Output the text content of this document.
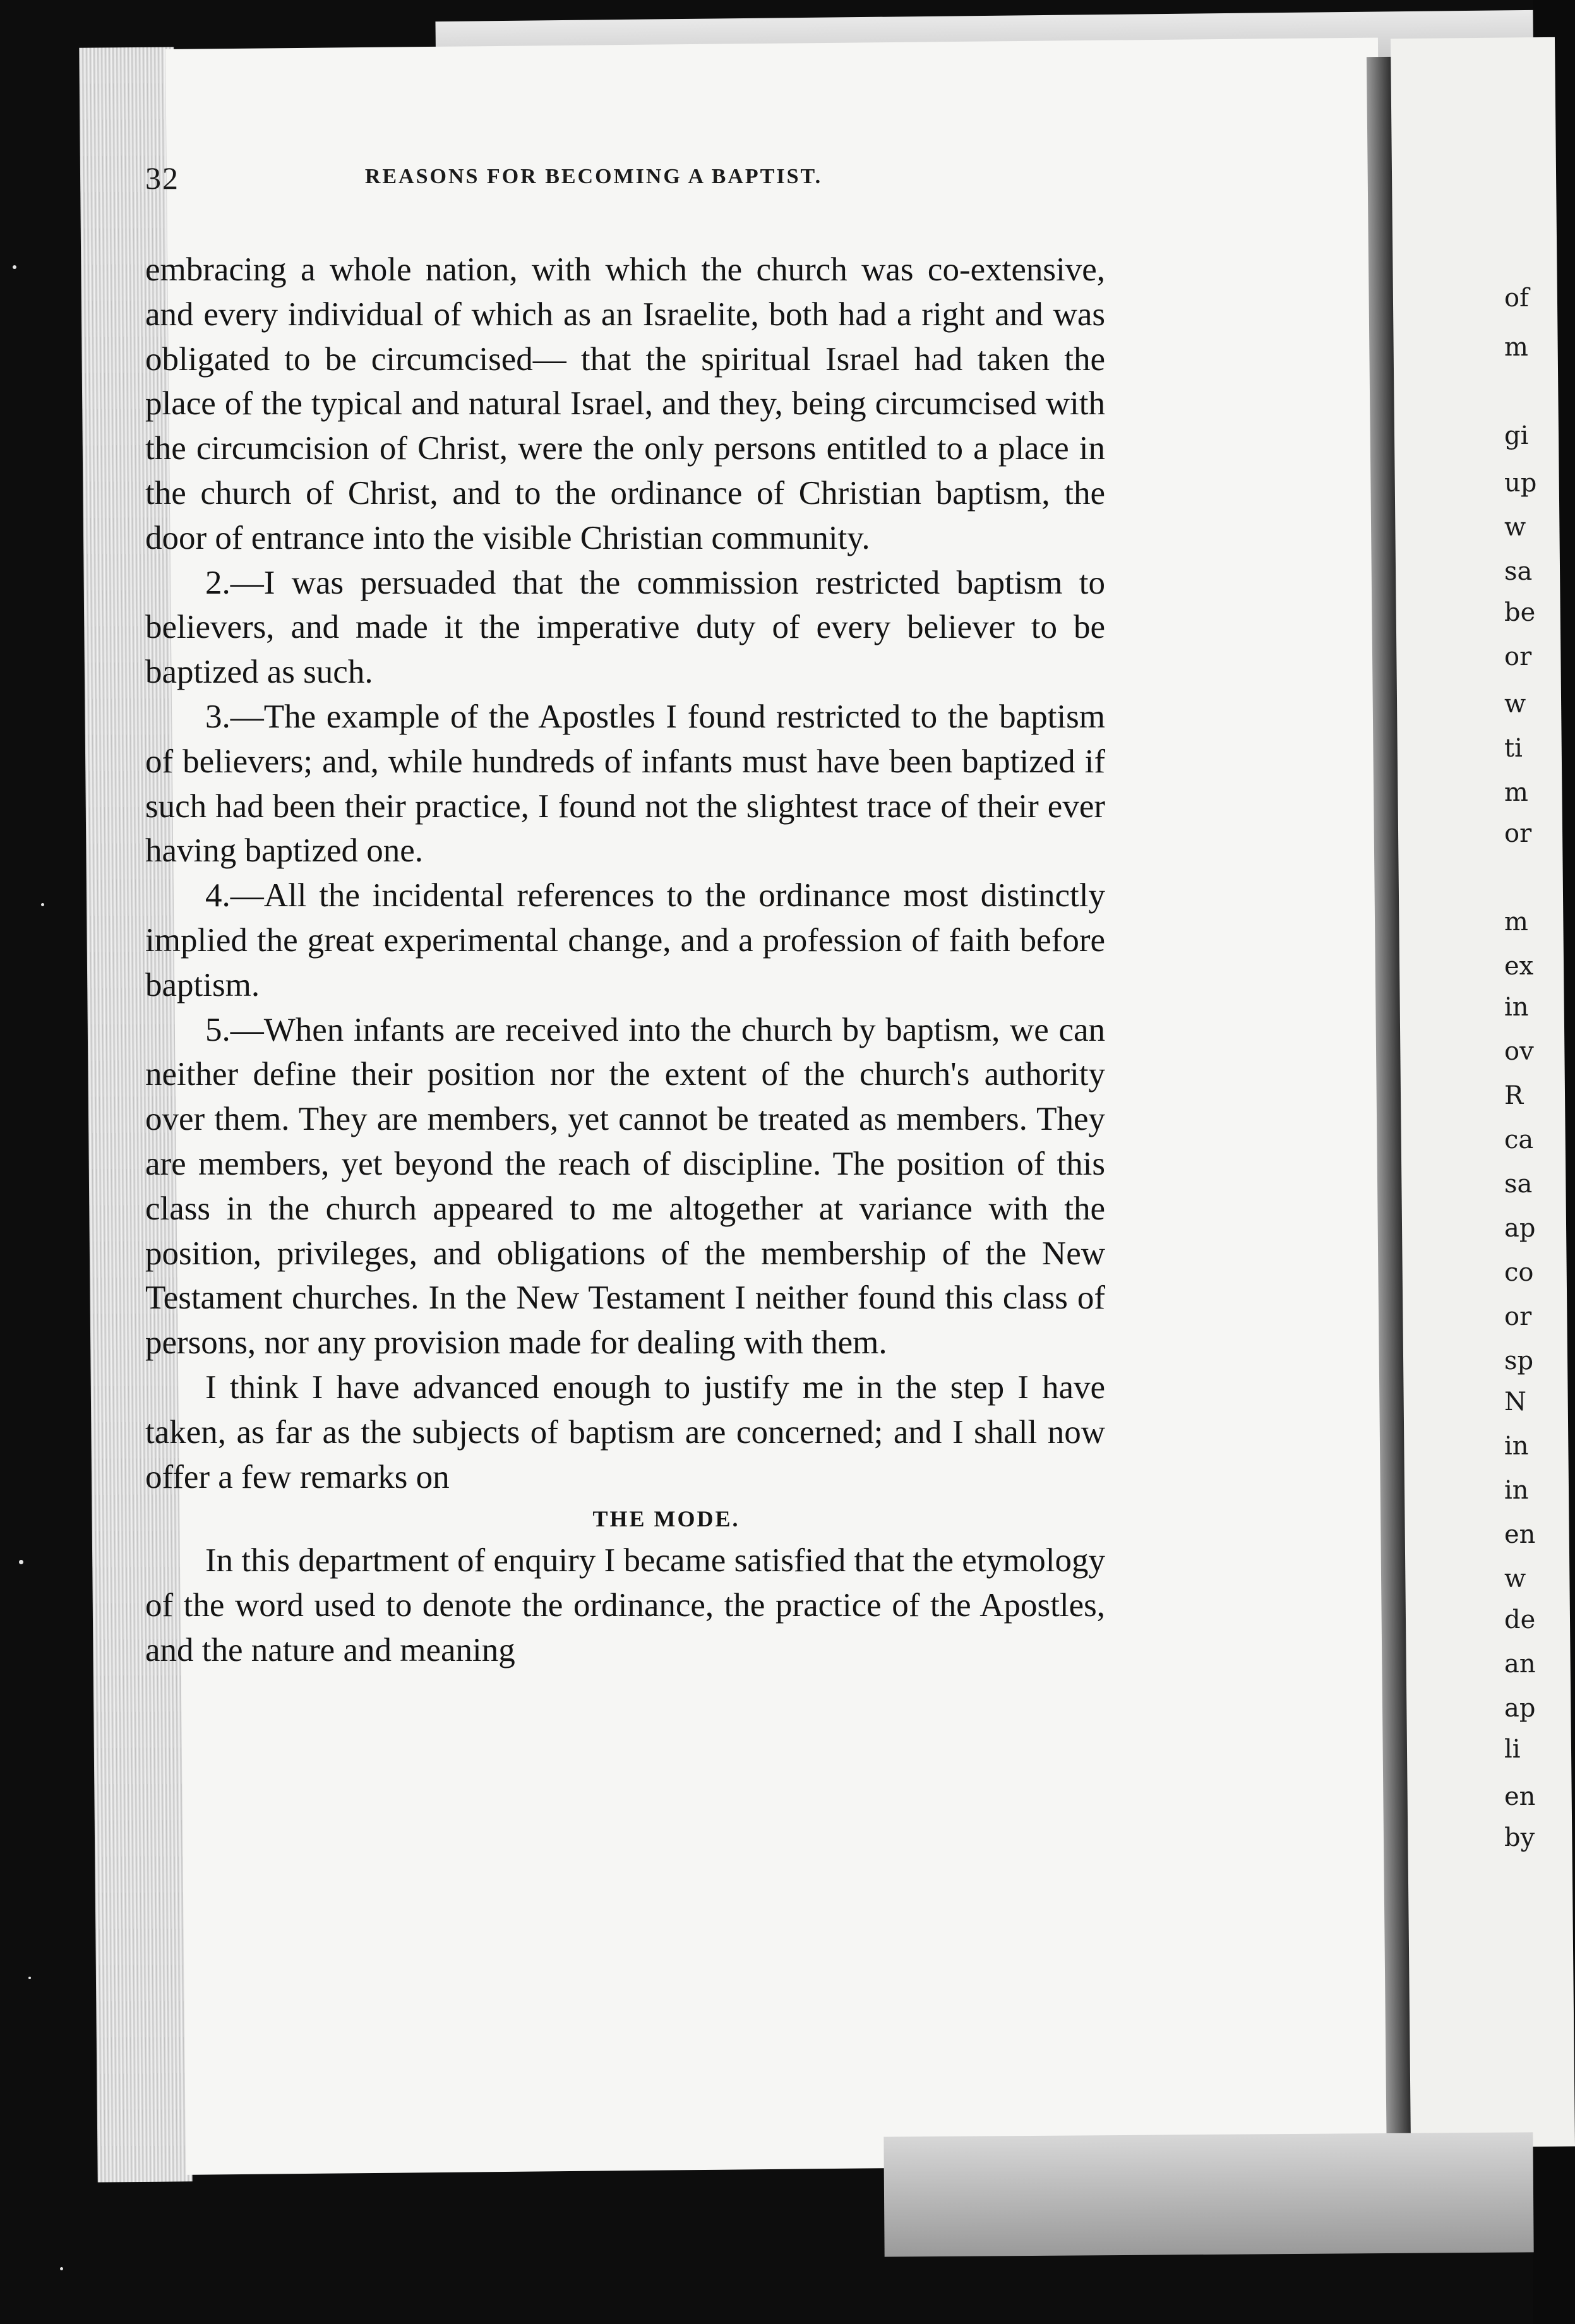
32	REASONS FOR BECOMING A BAPTIST.

embracing a whole nation, with which the church was co-extensive, and every individual of which as an Israelite, both had a right and was obligated to be circumcised— that the spiritual Israel had taken the place of the typical and natural Israel, and they, being circumcised with the circumcision of Christ, were the only persons entitled to a place in the church of Christ, and to the ordinance of Christian baptism, the door of entrance into the visible Christian community.

2.—I was persuaded that the commission restricted baptism to believers, and made it the imperative duty of every believer to be baptized as such.

3.—The example of the Apostles I found restricted to the baptism of believers; and, while hundreds of infants must have been baptized if such had been their practice, I found not the slightest trace of their ever having baptized one.

4.—All the incidental references to the ordinance most distinctly implied the great experimental change, and a profession of faith before baptism.

5.—When infants are received into the church by baptism, we can neither define their position nor the extent of the church's authority over them. They are members, yet cannot be treated as members. They are members, yet beyond the reach of discipline. The position of this class in the church appeared to me altogether at variance with the position, privileges, and obligations of the membership of the New Testament churches. In the New Testament I neither found this class of persons, nor any provision made for dealing with them.

I think I have advanced enough to justify me in the step I have taken, as far as the subjects of baptism are concerned; and I shall now offer a few remarks on

THE MODE.

In this department of enquiry I became satisfied that the etymology of the word used to denote the ordinance, the practice of the Apostles, and the nature and meaning

of
m
gi
up
w
sa
be
or
w
ti
m
or
m
ex
in
ov
R
ca
sa
ap
co
or
sp
N
in
in
en
w
de
an
ap
li
en
by
